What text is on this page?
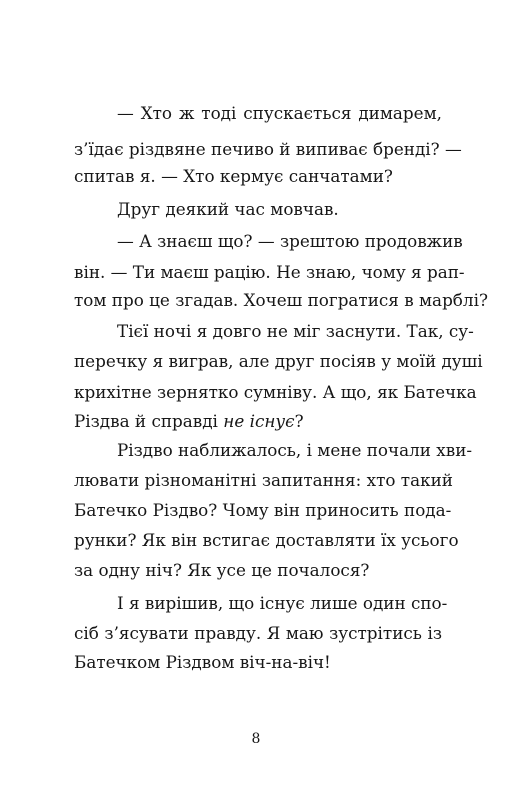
— Хто ж тоді спускається димарем,
з’їдає різдвяне печиво й випиває бренді? —
спитав я. — Хто кермує санчатами?
Друг деякий час мовчав.
— А знаєш що? — зрештою продовжив
він. — Ти маєш рацію. Не знаю, чому я рап-
том про це згадав. Хочеш погратися в марблі?
Тієї ночі я довго не міг заснути. Так, су-
перечку я виграв, але друг посіяв у моїй душі
крихітне зернятко сумніву. А що, як Батечка
Різдва й справді не існує?
Різдво наближалось, і мене почали хви-
лювати різноманітні запитання: хто такий
Батечко Різдво? Чому він приносить пода-
рунки? Як він встигає доставляти їх усього
за одну ніч? Як усе це почалося?
І я вирішив, що існує лише один спо-
сіб з’ясувати правду. Я маю зустрітись із
Батечком Різдвом віч-на-віч!
8
